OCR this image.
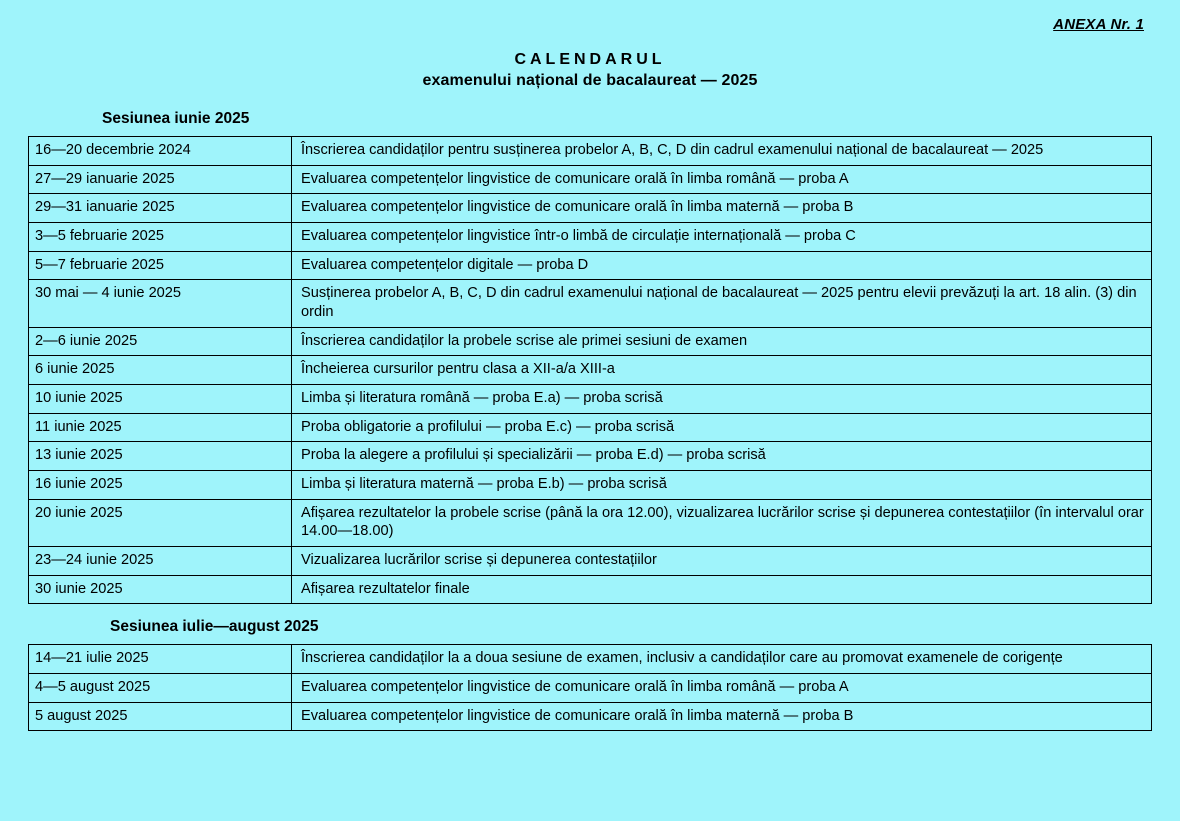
ANEXA Nr. 1
CALENDARUL
examenului național de bacalaureat — 2025
Sesiunea iunie 2025
16—20 decembrie 2024	Înscrierea candidaților pentru susținerea probelor A, B, C, D din cadrul examenului național de bacalaureat — 2025
27—29 ianuarie 2025	Evaluarea competențelor lingvistice de comunicare orală în limba română — proba A
29—31 ianuarie 2025	Evaluarea competențelor lingvistice de comunicare orală în limba maternă — proba B
3—5 februarie 2025	Evaluarea competențelor lingvistice într-o limbă de circulație internațională — proba C
5—7 februarie 2025	Evaluarea competențelor digitale — proba D
30 mai — 4 iunie 2025	Susținerea probelor A, B, C, D din cadrul examenului național de bacalaureat — 2025 pentru elevii prevăzuți la art. 18 alin. (3) din ordin
2—6 iunie 2025	Înscrierea candidaților la probele scrise ale primei sesiuni de examen
6 iunie 2025	Încheierea cursurilor pentru clasa a XII-a/a XIII-a
10 iunie 2025	Limba și literatura română — proba E.a) — proba scrisă
11 iunie 2025	Proba obligatorie a profilului — proba E.c) — proba scrisă
13 iunie 2025	Proba la alegere a profilului și specializării — proba E.d) — proba scrisă
16 iunie 2025	Limba și literatura maternă — proba E.b) — proba scrisă
20 iunie 2025	Afișarea rezultatelor la probele scrise (până la ora 12.00), vizualizarea lucrărilor scrise și depunerea contestațiilor (în intervalul orar 14.00—18.00)
23—24 iunie 2025	Vizualizarea lucrărilor scrise și depunerea contestațiilor
30 iunie 2025	Afișarea rezultatelor finale
Sesiunea iulie—august 2025
14—21 iulie 2025	Înscrierea candidaților la a doua sesiune de examen, inclusiv a candidaților care au promovat examenele de corigențe
4—5 august 2025	Evaluarea competențelor lingvistice de comunicare orală în limba română — proba A
5 august 2025	Evaluarea competențelor lingvistice de comunicare orală în limba maternă — proba B
